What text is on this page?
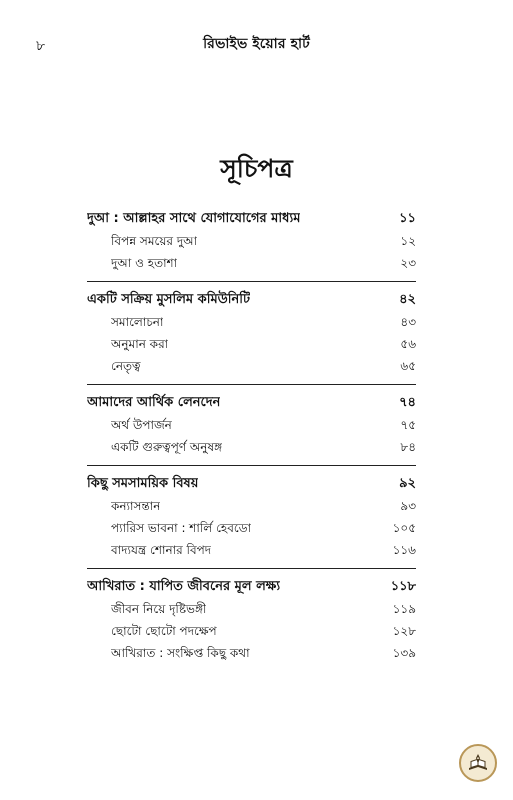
৮	রিভাইভ ইয়োর হার্ট
সূচিপত্র
দুআ : আল্লাহর সাথে যোগাযোগের মাধ্যম	১১
বিপন্ন সময়ের দুআ	১২
দুআ ও হতাশা	২৩
একটি সক্রিয় মুসলিম কমিউনিটি	৪২
সমালোচনা	৪৩
অনুমান করা	৫৬
নেতৃত্ব	৬৫
আমাদের আর্থিক লেনদেন	৭৪
অর্থ উপার্জন	৭৫
একটি গুরুত্বপূর্ণ অনুষঙ্গ	৮৪
কিছু সমসাময়িক বিষয়	৯২
কন্যাসন্তান	৯৩
প্যারিস ভাবনা : শার্লি হেবডো	১০৫
বাদ্যযন্ত্র শোনার বিপদ	১১৬
আখিরাত : যাপিত জীবনের মূল লক্ষ্য	১১৮
জীবন নিয়ে দৃষ্টিভঙ্গী	১১৯
ছোটো ছোটো পদক্ষেপ	১২৮
আখিরাত : সংক্ষিপ্ত কিছু কথা	১৩৯
